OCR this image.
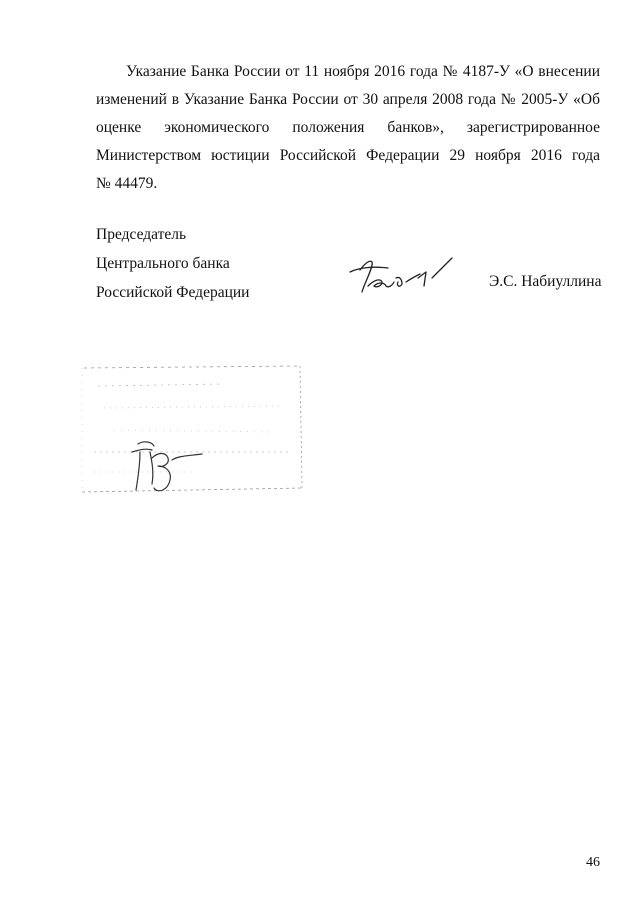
Указание Банка России от 11 ноября 2016 года № 4187-У «О внесении
изменений в Указание Банка России от 30 апреля 2008 года № 2005-У «Об
оценке экономического положения банков», зарегистрированное
Министерством юстиции Российской Федерации 29 ноября 2016 года
№ 44479.
Председатель
Центрального банка
Российской Федерации
Э.С. Набиуллина
46
